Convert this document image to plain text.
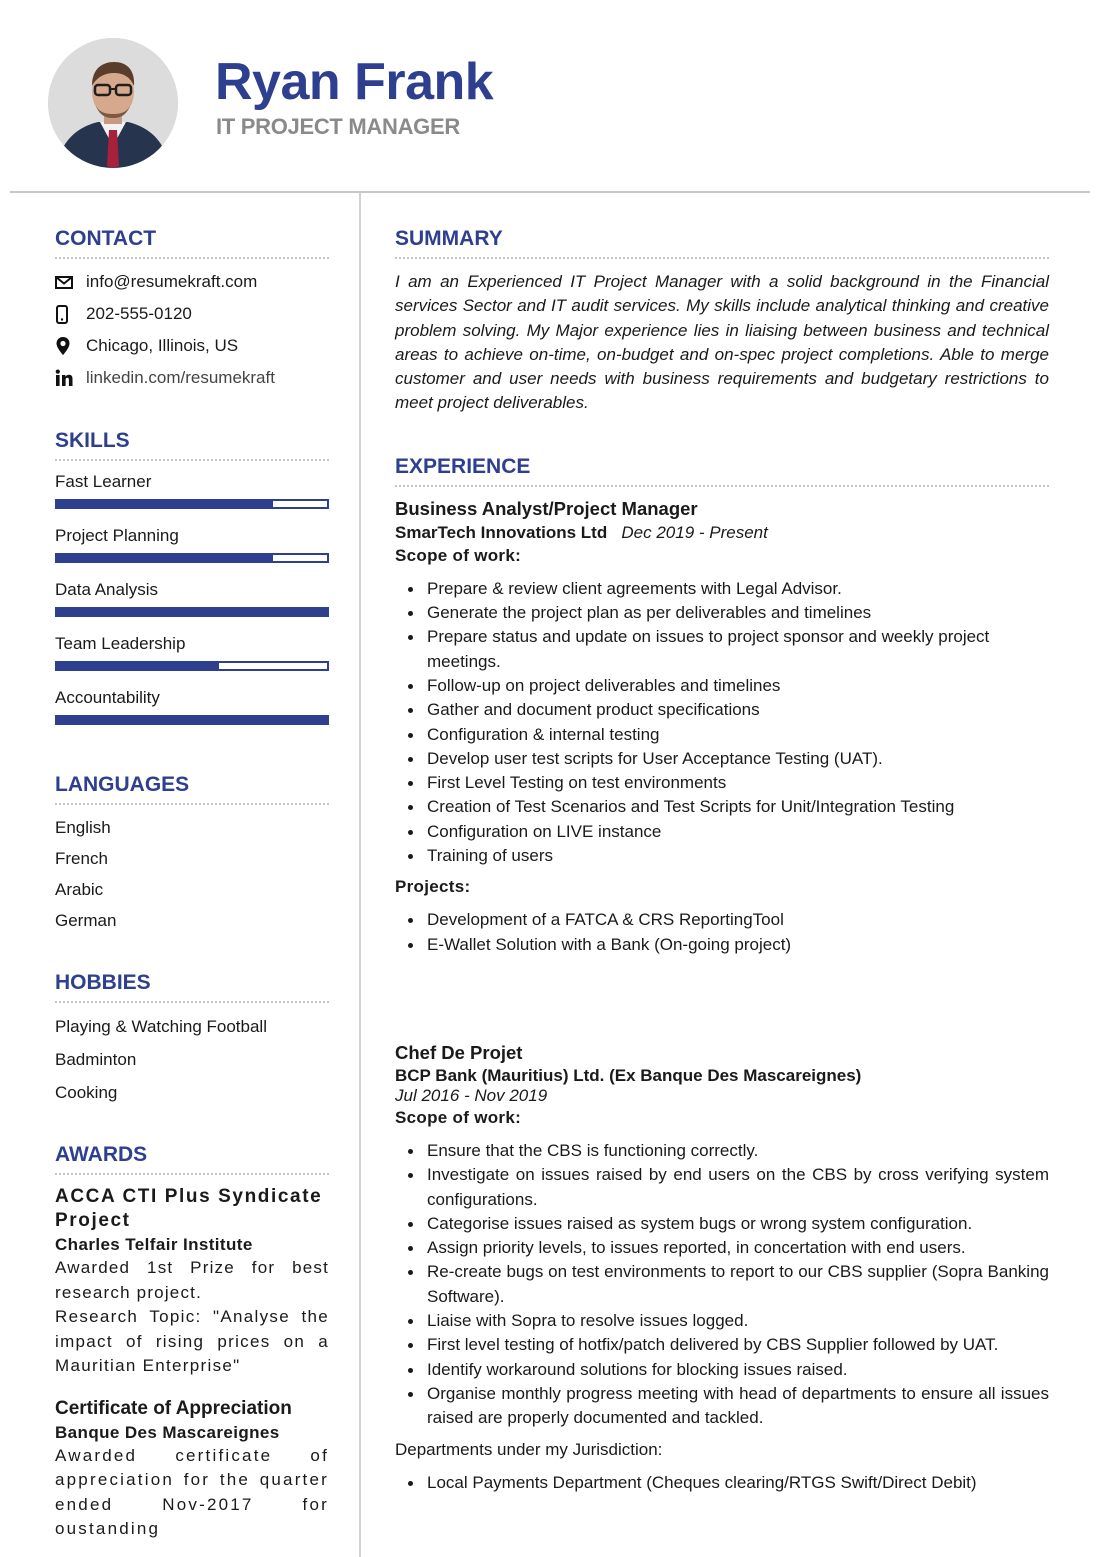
Ryan Frank
IT PROJECT MANAGER
CONTACT
info@resumekraft.com
202-555-0120
Chicago, Illinois, US
linkedin.com/resumekraft
SKILLS
Fast Learner
Project Planning
Data Analysis
Team Leadership
Accountability
LANGUAGES
English
French
Arabic
German
HOBBIES
Playing & Watching Football
Badminton
Cooking
AWARDS
ACCA CTI Plus Syndicate Project
Charles Telfair Institute
Awarded 1st Prize for best research project.
Research Topic: "Analyse the impact of rising prices on a Mauritian Enterprise"
Certificate of Appreciation
Banque Des Mascareignes
Awarded certificate of appreciation for the quarter ended Nov-2017 for oustanding
SUMMARY
I am an Experienced IT Project Manager with a solid background in the Financial services Sector and IT audit services. My skills include analytical thinking and creative problem solving. My Major experience lies in liaising between business and technical areas to achieve on-time, on-budget and on-spec project completions. Able to merge customer and user needs with business requirements and budgetary restrictions to meet project deliverables.
EXPERIENCE
Business Analyst/Project Manager
SmarTech Innovations Ltd Dec 2019 - Present
Scope of work:
Prepare & review client agreements with Legal Advisor.
Generate the project plan as per deliverables and timelines
Prepare status and update on issues to project sponsor and weekly project meetings.
Follow-up on project deliverables and timelines
Gather and document product specifications
Configuration & internal testing
Develop user test scripts for User Acceptance Testing (UAT).
First Level Testing on test environments
Creation of Test Scenarios and Test Scripts for Unit/Integration Testing
Configuration on LIVE instance
Training of users
Projects:
Development of a FATCA & CRS ReportingTool
E-Wallet Solution with a Bank (On-going project)
Chef De Projet
BCP Bank (Mauritius) Ltd. (Ex Banque Des Mascareignes)
Jul 2016 - Nov 2019
Scope of work:
Ensure that the CBS is functioning correctly.
Investigate on issues raised by end users on the CBS by cross verifying system configurations.
Categorise issues raised as system bugs or wrong system configuration.
Assign priority levels, to issues reported, in concertation with end users.
Re-create bugs on test environments to report to our CBS supplier (Sopra Banking Software).
Liaise with Sopra to resolve issues logged.
First level testing of hotfix/patch delivered by CBS Supplier followed by UAT.
Identify workaround solutions for blocking issues raised.
Organise monthly progress meeting with head of departments to ensure all issues raised are properly documented and tackled.
Departments under my Jurisdiction:
Local Payments Department (Cheques clearing/RTGS Swift/Direct Debit)
